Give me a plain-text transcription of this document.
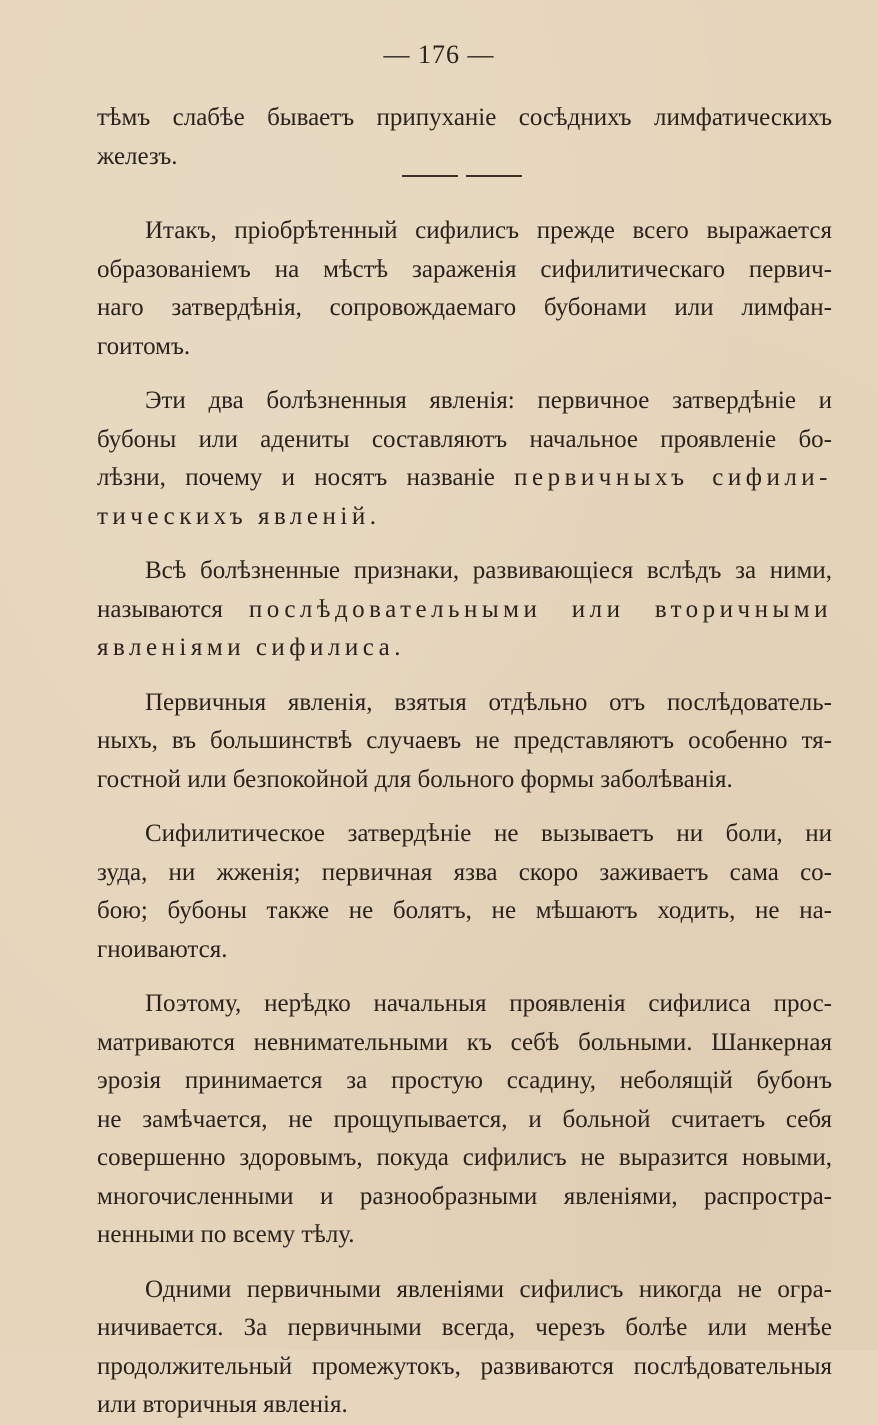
— 176 —
тѣмъ слабѣе бываетъ припуханіе сосѣднихъ лимфатическихъ
железъ.
Итакъ, пріобрѣтенный сифилисъ прежде всего выражается
образованіемъ на мѣстѣ зараженія сифилитическаго первич-
наго затвердѣнія, сопровождаемаго бубонами или лимфан-
гоитомъ.
Эти два болѣзненныя явленія: первичное затвердѣніе и
бубоны или адениты составляютъ начальное проявленіе бо-
лѣзни, почему и носятъ названіе первичныхъ сифили-
тическихъ явленій.
Всѣ болѣзненные признаки, развивающіеся вслѣдъ за ними,
называются послѣдовательными или вторичными
явленіями сифилиса.
Первичныя явленія, взятыя отдѣльно отъ послѣдователь-
ныхъ, въ большинствѣ случаевъ не представляютъ особенно тя-
гостной или безпокойной для больного формы заболѣванія.
Сифилитическое затвердѣніе не вызываетъ ни боли, ни
зуда, ни жженія; первичная язва скоро заживаетъ сама со-
бою; бубоны также не болятъ, не мѣшаютъ ходить, не на-
гноиваются.
Поэтому, нерѣдко начальныя проявленія сифилиса прос-
матриваются невнимательными къ себѣ больными. Шанкерная
эрозія принимается за простую ссадину, неболящій бубонъ
не замѣчается, не прощупывается, и больной считаетъ себя
совершенно здоровымъ, покуда сифилисъ не выразится новыми,
многочисленными и разнообразными явленіями, распростра-
ненными по всему тѣлу.
Одними первичными явленіями сифилисъ никогда не огра-
ничивается. За первичными всегда, черезъ болѣе или менѣе
продолжительный промежутокъ, развиваются послѣдовательныя
или вторичныя явленія.
